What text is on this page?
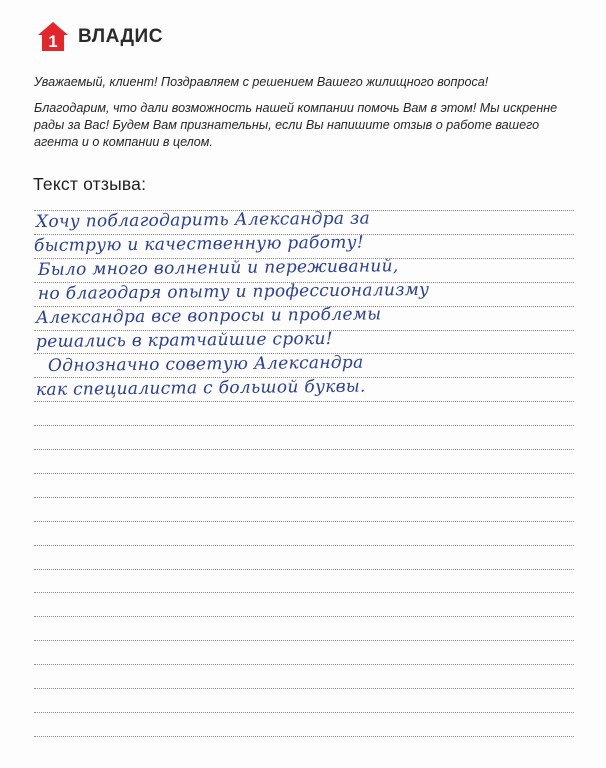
1 ВЛАДИС

Уважаемый, клиент! Поздравляем с решением Вашего жилищного вопроса!

Благодарим, что дали возможность нашей компании помочь Вам в этом! Мы искренне рады за Вас! Будем Вам признательны, если Вы напишите отзыв о работе вашего агента и о компании в целом.

Текст отзыва:
Хочу поблагодарить Александра за
быструю и качественную работу!
Было много волнений и переживаний,
но благодаря опыту и профессионализму
Александра все вопросы и проблемы
решались в кратчайшие сроки!
Однозначно советую Александра
как специалиста с большой буквы.
